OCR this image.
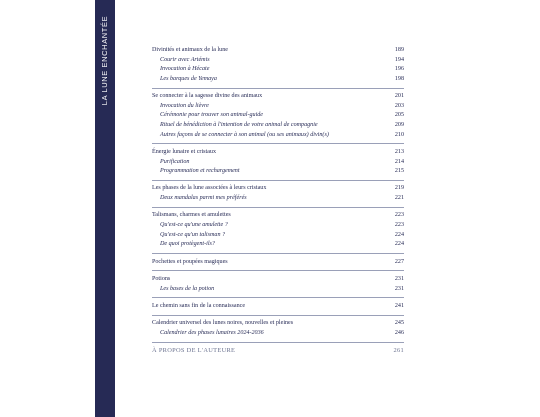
LA LUNE ENCHANTÉE	Divinités et animaux de la lune	189
Courir avec Artémis	194
Invocation à Hécate	196
Les barques de Yemaya	198
Se connecter à la sagesse divine des animaux	201
Invocation du lièvre	203
Cérémonie pour trouver son animal-guide	205
Rituel de bénédiction à l'intention de votre animal de compagnie	209
Autres façons de se connecter à son animal (ou ses animaux) divin(s)	210
Énergie lunaire et cristaux	213
Purification	214
Programmation et rechargement	215
Les phases de la lune associées à leurs cristaux	219
Deux mandalas parmi mes préférés	221
Talismans, charmes et amulettes	223
Qu'est-ce qu'une amulette ?	223
Qu'est-ce qu'un talisman ?	224
De quoi protègent-ils?	224
Pochettes et poupées magiques	227
Potions	231
Les bases de la potion	231
Le chemin sans fin de la connaissance	241
Calendrier universel des lunes noires, nouvelles et pleines	245
Calendrier des phases lunaires 2024-2036	246
À PROPOS DE L'AUTEURE	261
